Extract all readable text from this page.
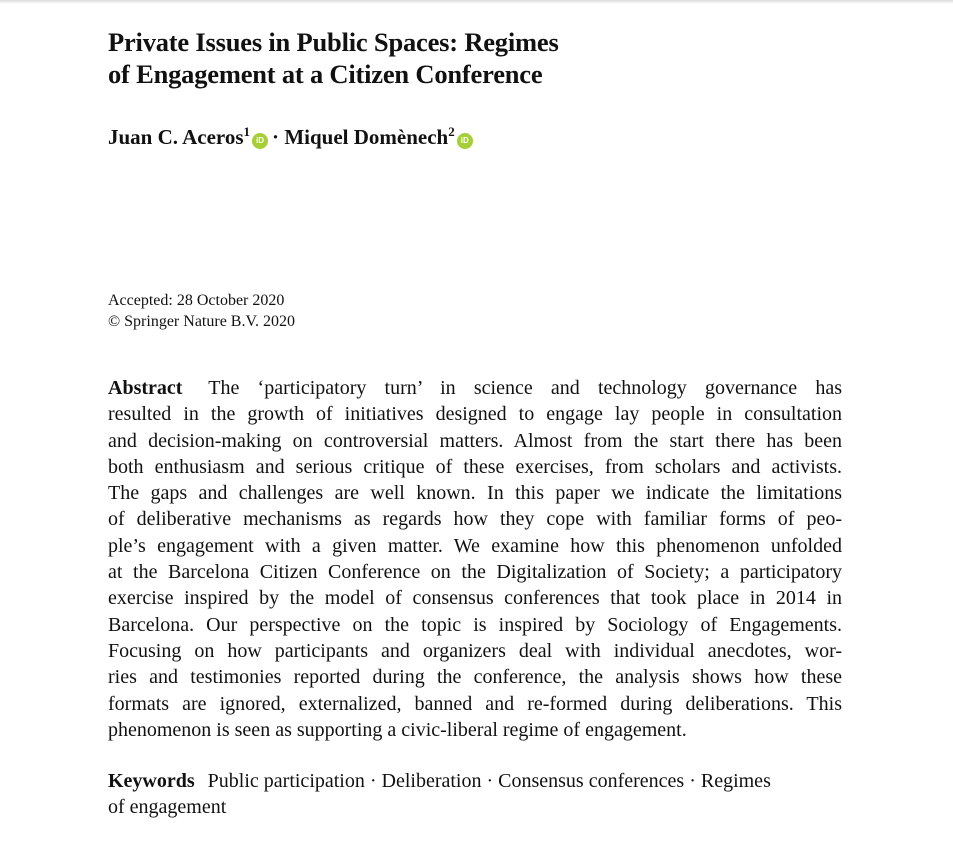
Private Issues in Public Spaces: Regimes
of Engagement at a Citizen Conference
Juan C. Aceros$^1$iD · Miquel Domènech$^2$iD
Accepted: 28 October 2020
© Springer Nature B.V. 2020
Abstract The ‘participatory turn’ in science and technology governance has
resulted in the growth of initiatives designed to engage lay people in consultation
and decision-making on controversial matters. Almost from the start there has been
both enthusiasm and serious critique of these exercises, from scholars and activists.
The gaps and challenges are well known. In this paper we indicate the limitations
of deliberative mechanisms as regards how they cope with familiar forms of peo-
ple’s engagement with a given matter. We examine how this phenomenon unfolded
at the Barcelona Citizen Conference on the Digitalization of Society; a participatory
exercise inspired by the model of consensus conferences that took place in 2014 in
Barcelona. Our perspective on the topic is inspired by Sociology of Engagements.
Focusing on how participants and organizers deal with individual anecdotes, wor-
ries and testimonies reported during the conference, the analysis shows how these
formats are ignored, externalized, banned and re-formed during deliberations. This
phenomenon is seen as supporting a civic-liberal regime of engagement.
Keywords Public participation · Deliberation · Consensus conferences · Regimes
of engagement
